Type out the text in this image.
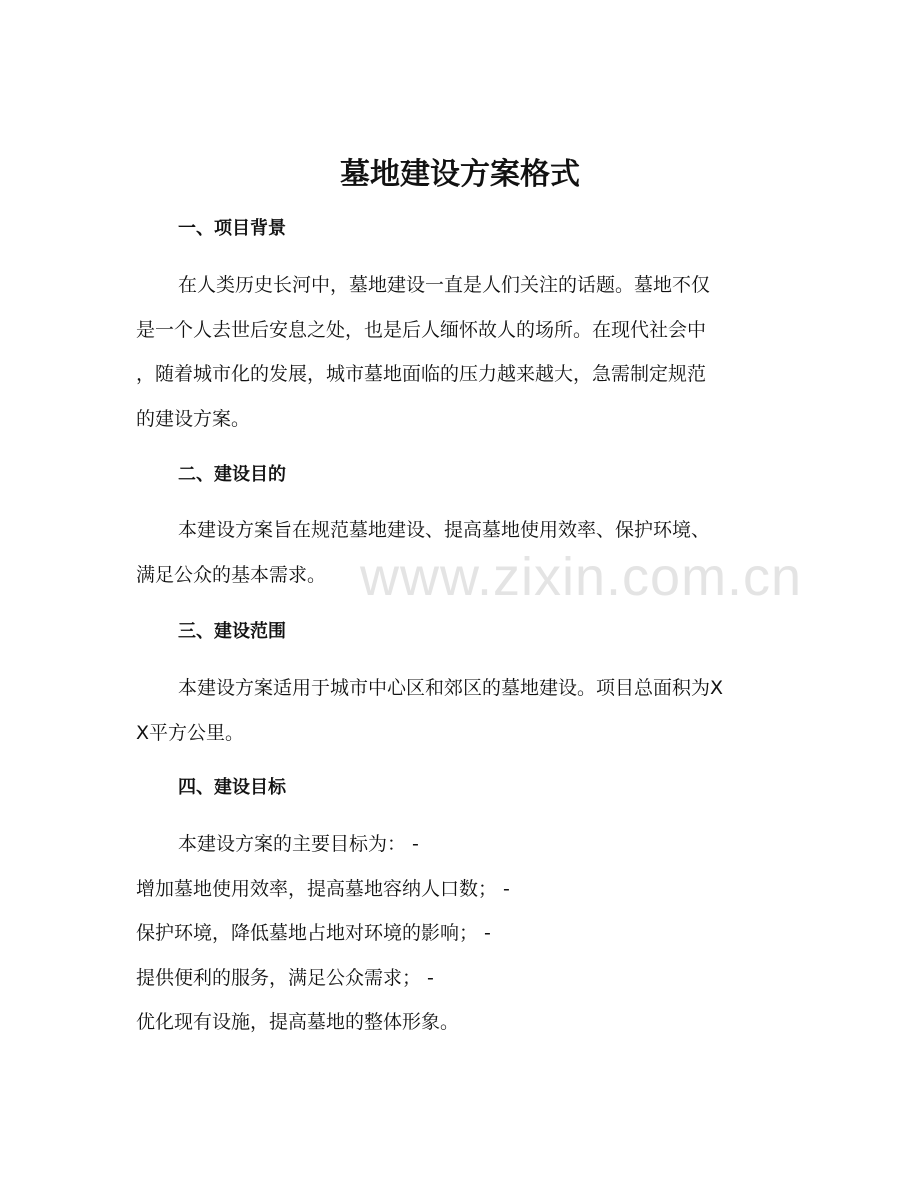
墓地建设方案格式
一、项目背景
在人类历史长河中，墓地建设一直是人们关注的话题。墓地不仅
是一个人去世后安息之处，也是后人缅怀故人的场所。在现代社会中
，随着城市化的发展，城市墓地面临的压力越来越大，急需制定规范
的建设方案。
二、建设目的
本建设方案旨在规范墓地建设、提高墓地使用效率、保护环境、
满足公众的基本需求。
三、建设范围
本建设方案适用于城市中心区和郊区的墓地建设。项目总面积为X
X平方公里。
四、建设目标
本建设方案的主要目标为： -
增加墓地使用效率，提高墓地容纳人口数； -
保护环境，降低墓地占地对环境的影响； -
提供便利的服务，满足公众需求； -
优化现有设施，提高墓地的整体形象。
www.zixin.com.cn
